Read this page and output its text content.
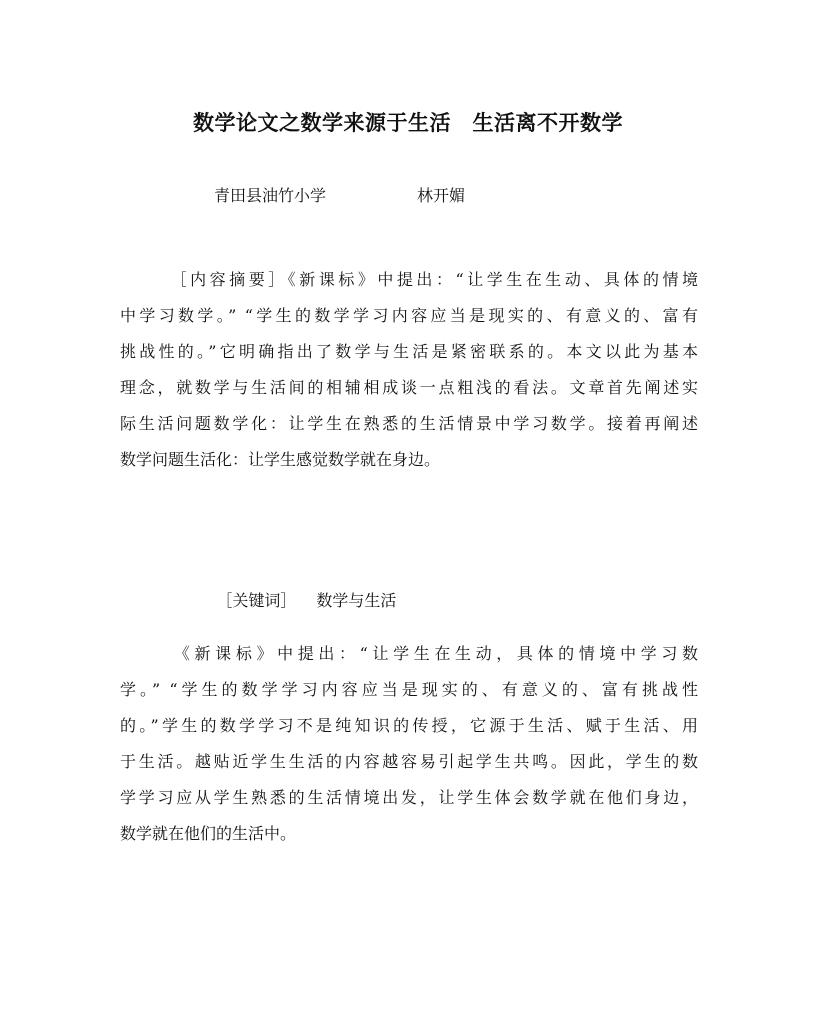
数学论文之数学来源于生活　生活离不开数学
青田县油竹小学	林开媚
　　　［内容摘要］《新课标》中提出：“让学生在生动、具体的情境
中学习数学。” “学生的数学学习内容应当是现实的、有意义的、富有
挑战性的。”它明确指出了数学与生活是紧密联系的。本文以此为基本
理念，就数学与生活间的相辅相成谈一点粗浅的看法。文章首先阐述实
际生活问题数学化：让学生在熟悉的生活情景中学习数学。接着再阐述
数学问题生活化：让学生感觉数学就在身边。

［关键词］ 数学与生活

　　　《新课标》中提出：“让学生在生动，具体的情境中学习数
学。” “学生的数学学习内容应当是现实的、有意义的、富有挑战性
的。”学生的数学学习不是纯知识的传授，它源于生活、赋于生活、用
于生活。越贴近学生生活的内容越容易引起学生共鸣。因此，学生的数
学学习应从学生熟悉的生活情境出发，让学生体会数学就在他们身边，
数学就在他们的生活中。
